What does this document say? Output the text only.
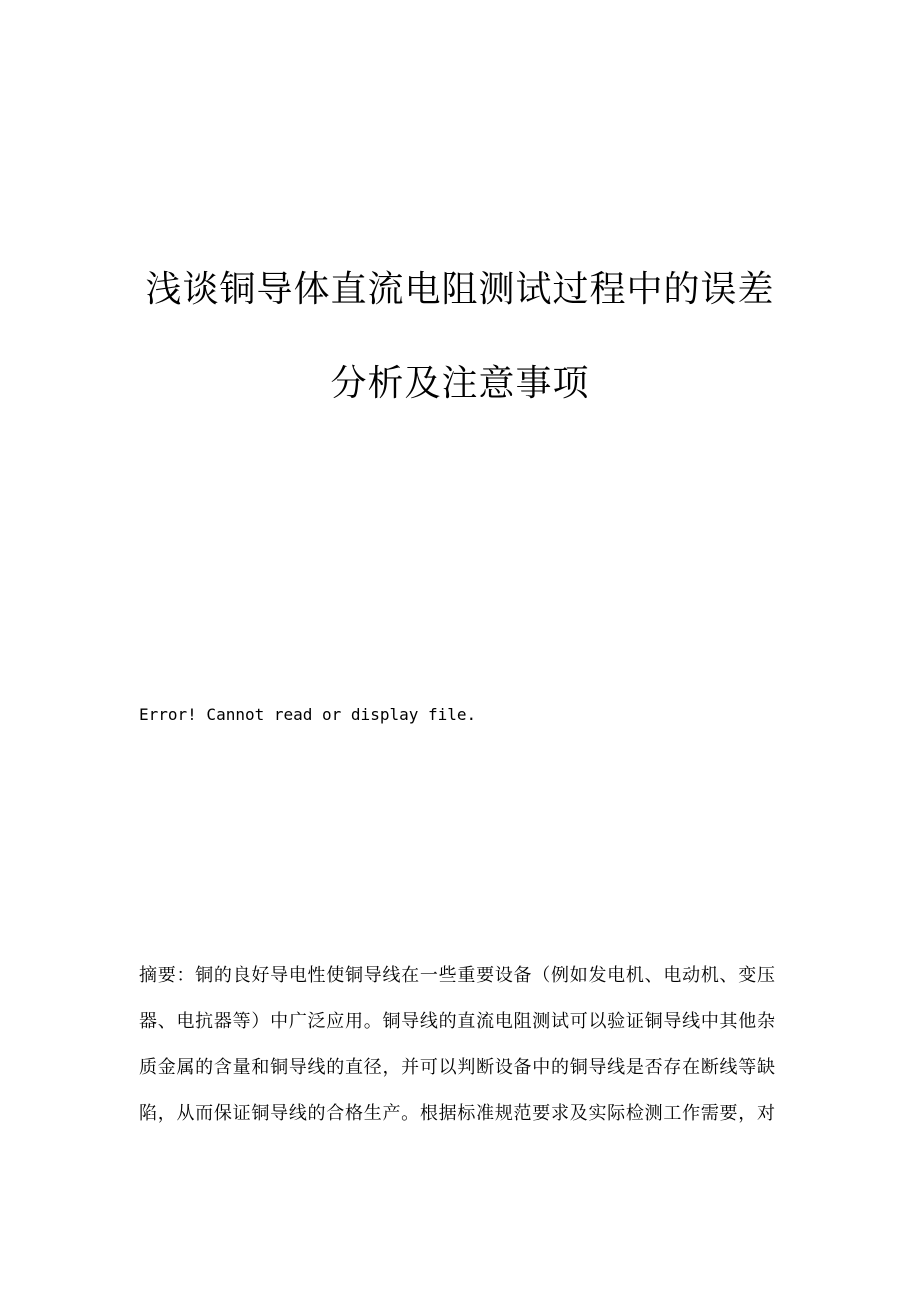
浅谈铜导体直流电阻测试过程中的误差
分析及注意事项
Error! Cannot read or display file.

摘要：铜的良好导电性使铜导线在一些重要设备（例如发电机、电动机、变压
器、电抗器等）中广泛应用。铜导线的直流电阻测试可以验证铜导线中其他杂
质金属的含量和铜导线的直径，并可以判断设备中的铜导线是否存在断线等缺
陷，从而保证铜导线的合格生产。根据标准规范要求及实际检测工作需要，对
